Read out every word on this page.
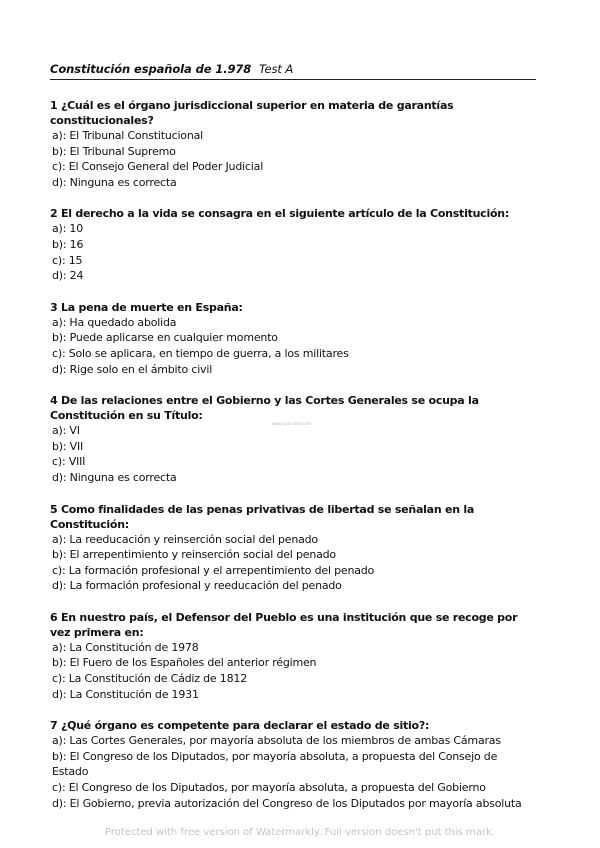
Constitución española de 1.978 Test A
1 ¿Cuál es el órgano jurisdiccional superior en materia de garantías constitucionales?
a): El Tribunal Constitucional
b): El Tribunal Supremo
c): El Consejo General del Poder Judicial
d): Ninguna es correcta
2 El derecho a la vida se consagra en el siguiente artículo de la Constitución:
a): 10
b): 16
c): 15
d): 24
3 La pena de muerte en España:
a): Ha quedado abolida
b): Puede aplicarse en cualquier momento
c): Solo se aplicara, en tiempo de guerra, a los militares
d): Rige solo en el ámbito civil
4 De las relaciones entre el Gobierno y las Cortes Generales se ocupa la Constitución en su Título:
a): VI
b): VII
c): VIII
d): Ninguna es correcta
5 Como finalidades de las penas privativas de libertad se señalan en la Constitución:
a): La reeducación y reinserción social del penado
b): El arrepentimiento y reinserción social del penado
c): La formación profesional y el arrepentimiento del penado
d): La formación profesional y reeducación del penado
6 En nuestro país, el Defensor del Pueblo es una institución que se recoge por vez primera en:
a): La Constitución de 1978
b): El Fuero de los Españoles del anterior régimen
c): La Constitución de Cádiz de 1812
d): La Constitución de 1931
7 ¿Qué órgano es competente para declarar el estado de sitio?:
a): Las Cortes Generales, por mayoría absoluta de los miembros de ambas Cámaras
b): El Congreso de los Diputados, por mayoría absoluta, a propuesta del Consejo de Estado
c): El Congreso de los Diputados, por mayoría absoluta, a propuesta del Gobierno
d): El Gobierno, previa autorización del Congreso de los Diputados por mayoría absoluta
www.opos-test.com
Protected with free version of Watermarkly. Full version doesn't put this mark.
